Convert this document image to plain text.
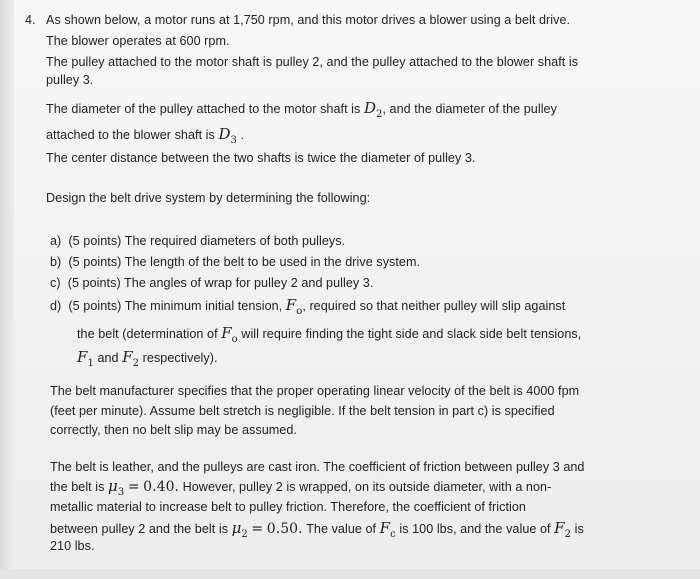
4. As shown below, a motor runs at 1,750 rpm, and this motor drives a blower using a belt drive.
The blower operates at 600 rpm.
The pulley attached to the motor shaft is pulley 2, and the pulley attached to the blower shaft is
pulley 3.
The diameter of the pulley attached to the motor shaft is $D_2$, and the diameter of the pulley
attached to the blower shaft is $D_3$ .
The center distance between the two shafts is twice the diameter of pulley 3.
Design the belt drive system by determining the following:
a) (5 points) The required diameters of both pulleys.
b) (5 points) The length of the belt to be used in the drive system.
c) (5 points) The angles of wrap for pulley 2 and pulley 3.
d) (5 points) The minimum initial tension, $F_o$, required so that neither pulley will slip against
the belt (determination of $F_o$ will require finding the tight side and slack side belt tensions,
$F_1$ and $F_2$ respectively).
The belt manufacturer specifies that the proper operating linear velocity of the belt is 4000 fpm
(feet per minute). Assume belt stretch is negligible. If the belt tension in part c) is specified
correctly, then no belt slip may be assumed.
The belt is leather, and the pulleys are cast iron. The coefficient of friction between pulley 3 and
the belt is $\mu_3 = 0.40$. However, pulley 2 is wrapped, on its outside diameter, with a non-
metallic material to increase belt to pulley friction. Therefore, the coefficient of friction
between pulley 2 and the belt is $\mu_2 = 0.50$. The value of $F_c$ is 100 lbs, and the value of $F_2$ is
210 lbs.
